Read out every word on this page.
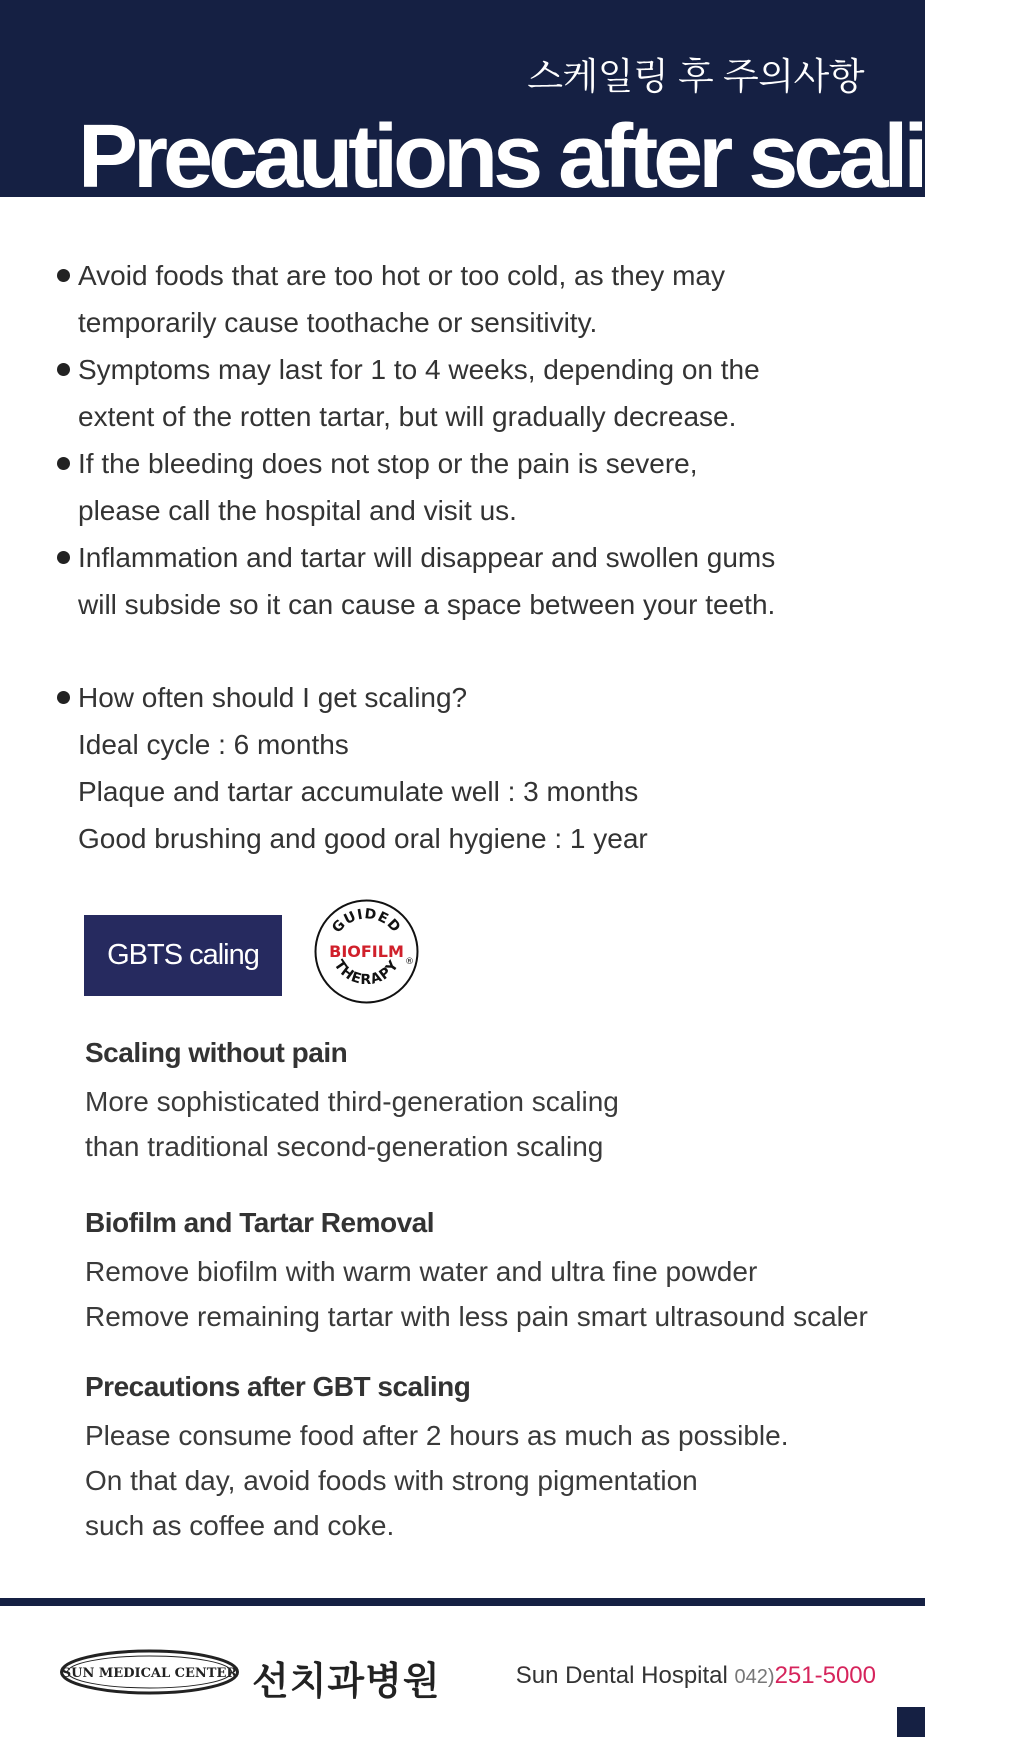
스케일링 후 주의사항
Precautions after scaling
Avoid foods that are too hot or too cold, as they may
temporarily cause toothache or sensitivity.
Symptoms may last for 1 to 4 weeks, depending on the
extent of the rotten tartar, but will gradually decrease.
If the bleeding does not stop or the pain is severe,
please call the hospital and visit us.
Inflammation and tartar will disappear and swollen gums
will subside so it can cause a space between your teeth.
How often should I get scaling?
Ideal cycle : 6 months
Plaque and tartar accumulate well : 3 months
Good brushing and good oral hygiene : 1 year
GBTS caling
GUIDED
BIOFILM
THERAPY ®
Scaling without pain

More sophisticated third-generation scaling

than traditional second-generation scaling

Biofilm and Tartar Removal

Remove biofilm with warm water and ultra fine powder

Remove remaining tartar with less pain smart ultrasound scaler

Precautions after GBT scaling

Please consume food after 2 hours as much as possible.

On that day, avoid foods with strong pigmentation

such as coffee and coke.

SUN MEDICAL CENTER 선치과병원	Sun Dental Hospital 042)251-5000
